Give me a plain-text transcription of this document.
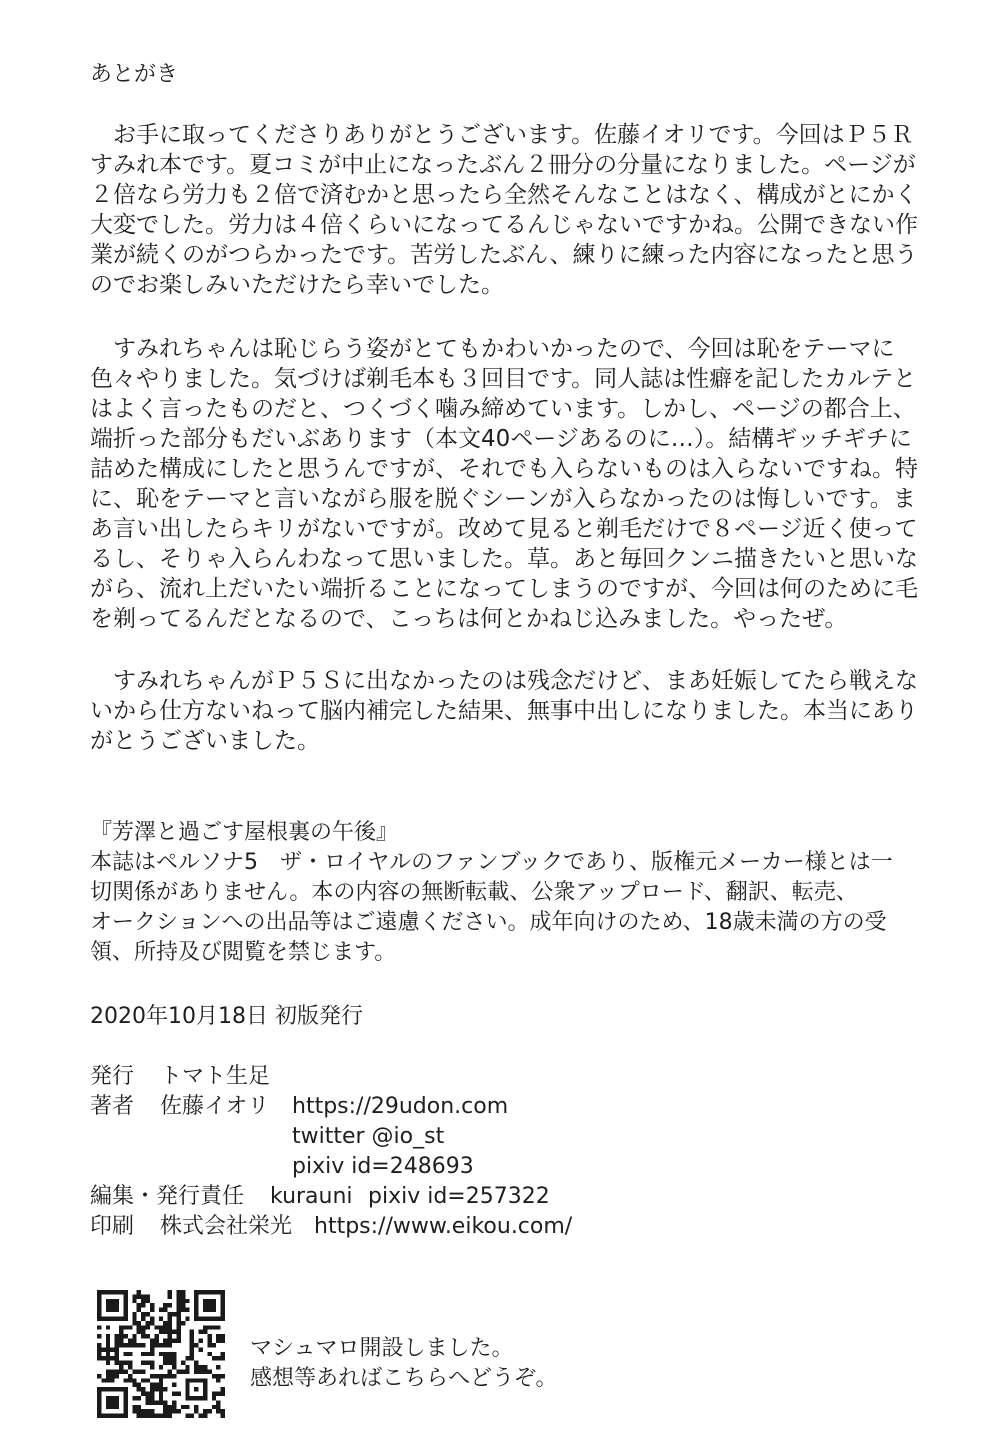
あとがき
　お手に取ってくださりありがとうございます。佐藤イオリです。今回はＰ５Ｒ
すみれ本です。夏コミが中止になったぶん２冊分の分量になりました。ページが
２倍なら労力も２倍で済むかと思ったら全然そんなことはなく、構成がとにかく
大変でした。労力は４倍くらいになってるんじゃないですかね。公開できない作
業が続くのがつらかったです。苦労したぶん、練りに練った内容になったと思う
のでお楽しみいただけたら幸いでした。
　すみれちゃんは恥じらう姿がとてもかわいかったので、今回は恥をテーマに
色々やりました。気づけば剃毛本も３回目です。同人誌は性癖を記したカルテと
はよく言ったものだと、つくづく噛み締めています。しかし、ページの都合上、
端折った部分もだいぶあります（本文40ページあるのに…）。結構ギッチギチに
詰めた構成にしたと思うんですが、それでも入らないものは入らないですね。特
に、恥をテーマと言いながら服を脱ぐシーンが入らなかったのは悔しいです。ま
あ言い出したらキリがないですが。改めて見ると剃毛だけで８ページ近く使って
るし、そりゃ入らんわなって思いました。草。あと毎回クンニ描きたいと思いな
がら、流れ上だいたい端折ることになってしまうのですが、今回は何のために毛
を剃ってるんだとなるので、こっちは何とかねじ込みました。やったぜ。
　すみれちゃんがＰ５Ｓに出なかったのは残念だけど、まあ妊娠してたら戦えな
いから仕方ないねって脳内補完した結果、無事中出しになりました。本当にあり
がとうございました。
『芳澤と過ごす屋根裏の午後』
本誌はペルソナ5　ザ・ロイヤルのファンブックであり、版権元メーカー様とは一
切関係がありません。本の内容の無断転載、公衆アップロード、翻訳、転売、
オークションへの出品等はご遠慮ください。成年向けのため、18歳未満の方の受
領、所持及び閲覧を禁じます。
2020年10月18日 初版発行
発行 トマト生足
著者 佐藤イオリ https://29udon.com
twitter @io_st
pixiv id=248693
編集・発行責任 kurauni pixiv id=257322
印刷 株式会社栄光 https://www.eikou.com/
マシュマロ開設しました。
感想等あればこちらへどうぞ。
